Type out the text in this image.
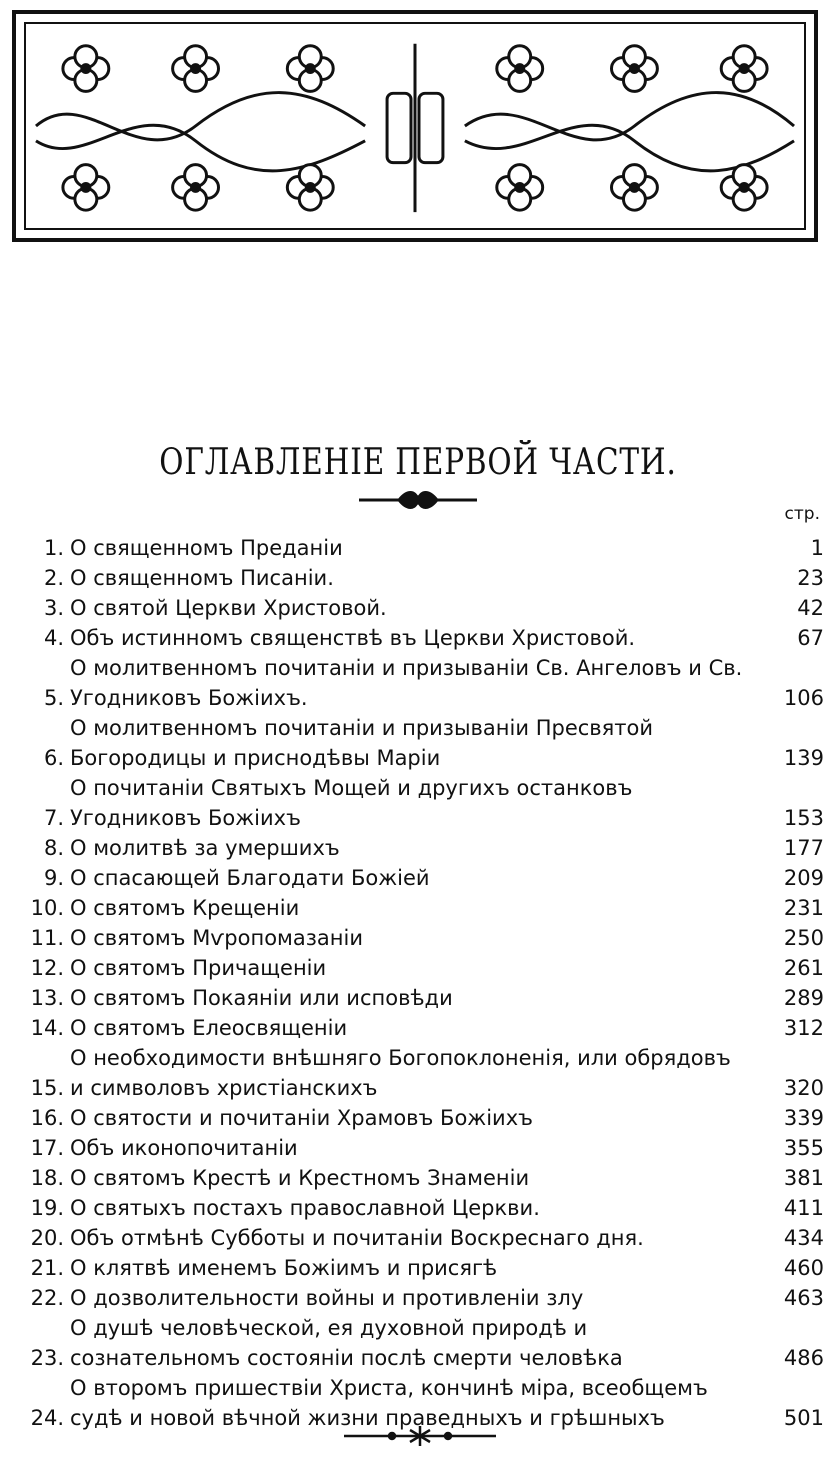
ОГЛАВЛЕНІЕ ПЕРВОЙ ЧАСТИ.
стр.
1. О священномъ Преданіи	1
2. О священномъ Писаніи.	23
3. О святой Церкви Христовой.	42
4. Объ истинномъ священствѣ въ Церкви Христовой.	67
5.
О молитвенномъ почитаніи и призываніи Св. Ангеловъ и Св. Угодниковъ Божіихъ.	106
6.
О молитвенномъ почитаніи и призываніи Пресвятой Богородицы и приснодѣвы Маріи	139
7.
О почитаніи Святыхъ Мощей и другихъ останковъ Угодниковъ Божіихъ	153
8. О молитвѣ за умершихъ	177
9. О спасающей Благодати Божіей	209
10. О святомъ Крещеніи	231
11. О святомъ Мѵропомазаніи	250
12. О святомъ Причащеніи	261
13. О святомъ Покаяніи или исповѣди	289
14. О святомъ Елеосвященіи	312
15.
О необходимости внѣшняго Богопоклоненія, или обрядовъ и символовъ христіанскихъ	320
16. О святости и почитаніи Храмовъ Божіихъ	339
17. Объ иконопочитаніи	355
18. О святомъ Крестѣ и Крестномъ Знаменіи	381
19. О святыхъ постахъ православной Церкви.	411
20. Объ отмѣнѣ Субботы и почитаніи Воскреснаго дня.	434
21. О клятвѣ именемъ Божіимъ и присягѣ	460
22. О дозволительности войны и противленіи злу	463
23.
О душѣ человѣческой, ея духовной природѣ и сознательномъ состояніи послѣ смерти человѣка	486
24.
О второмъ пришествіи Христа, кончинѣ міра, всеобщемъ судѣ и новой вѣчной жизни праведныхъ и грѣшныхъ	501
